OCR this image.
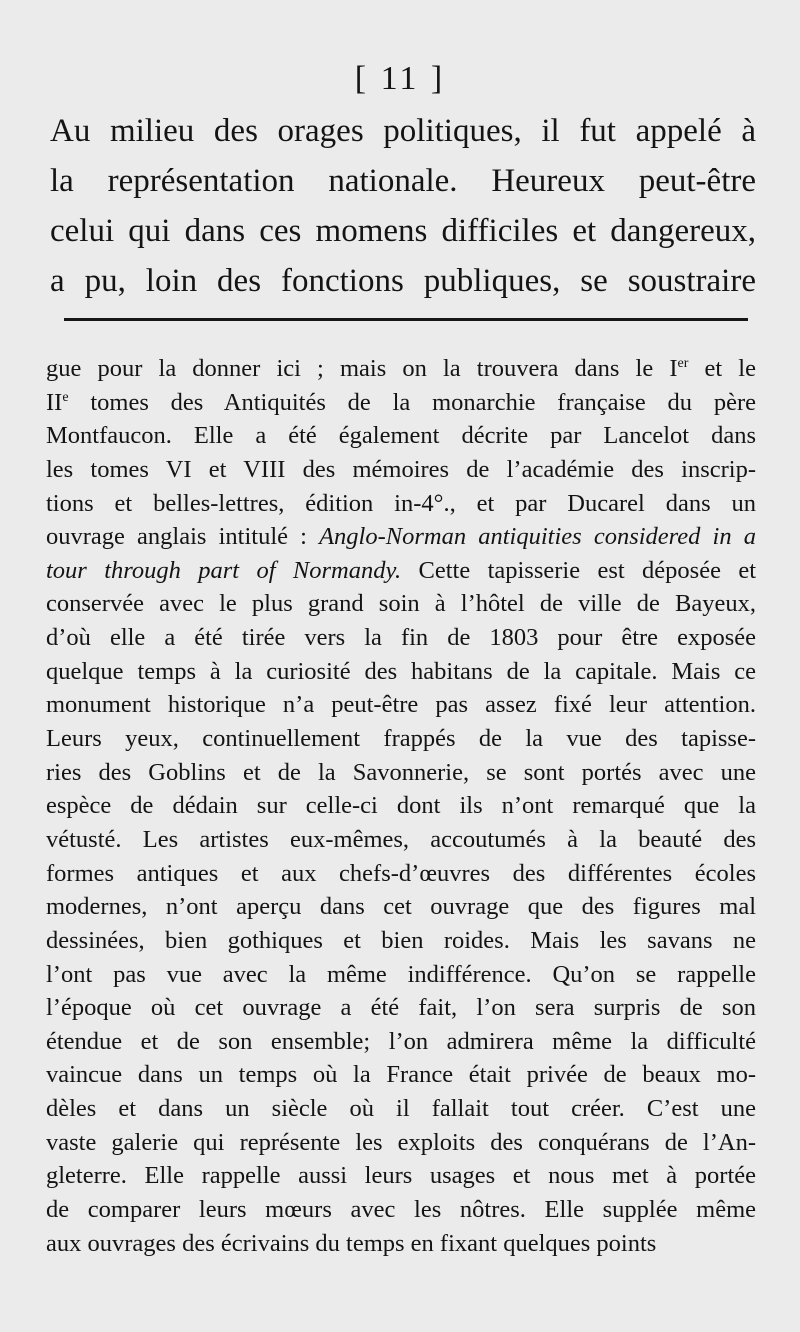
[ 11 ]
Au milieu des orages politiques, il fut appelé à
la représentation nationale. Heureux peut-être
celui qui dans ces momens difficiles et dangereux,
a pu, loin des fonctions publiques, se soustraire
gue pour la donner ici ; mais on la trouvera dans le Ier et le
IIe tomes des Antiquités de la monarchie française du père
Montfaucon. Elle a été également décrite par Lancelot dans
les tomes VI et VIII des mémoires de l’académie des inscrip-
tions et belles-lettres, édition in-4°., et par Ducarel dans un
ouvrage anglais intitulé : Anglo-Norman antiquities considered in a
tour through part of Normandy. Cette tapisserie est déposée et
conservée avec le plus grand soin à l’hôtel de ville de Bayeux,
d’où elle a été tirée vers la fin de 1803 pour être exposée
quelque temps à la curiosité des habitans de la capitale. Mais ce
monument historique n’a peut-être pas assez fixé leur attention.
Leurs yeux, continuellement frappés de la vue des tapisse-
ries des Goblins et de la Savonnerie, se sont portés avec une
espèce de dédain sur celle-ci dont ils n’ont remarqué que la
vétusté. Les artistes eux-mêmes, accoutumés à la beauté des
formes antiques et aux chefs-d’œuvres des différentes écoles
modernes, n’ont aperçu dans cet ouvrage que des figures mal
dessinées, bien gothiques et bien roides. Mais les savans ne
l’ont pas vue avec la même indifférence. Qu’on se rappelle
l’époque où cet ouvrage a été fait, l’on sera surpris de son
étendue et de son ensemble; l’on admirera même la difficulté
vaincue dans un temps où la France était privée de beaux mo-
dèles et dans un siècle où il fallait tout créer. C’est une
vaste galerie qui représente les exploits des conquérans de l’An-
gleterre. Elle rappelle aussi leurs usages et nous met à portée
de comparer leurs mœurs avec les nôtres. Elle supplée même
aux ouvrages des écrivains du temps en fixant quelques points
